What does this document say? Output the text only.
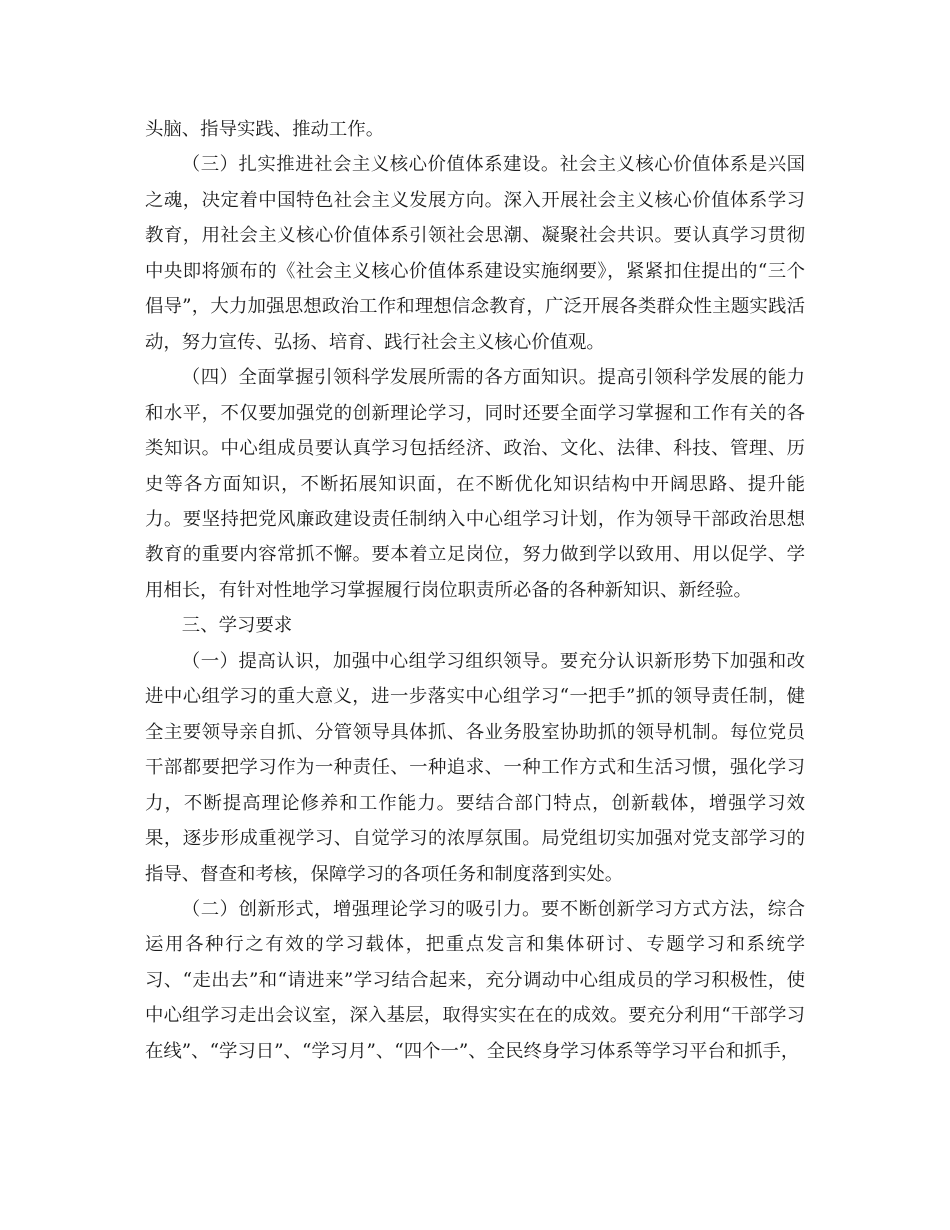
头脑、指导实践、推动工作。

（三）扎实推进社会主义核心价值体系建设。社会主义核心价值体系是兴国之魂，决定着中国特色社会主义发展方向。深入开展社会主义核心价值体系学习教育，用社会主义核心价值体系引领社会思潮、凝聚社会共识。要认真学习贯彻中央即将颁布的《社会主义核心价值体系建设实施纲要》，紧紧扣住提出的“三个倡导”，大力加强思想政治工作和理想信念教育，广泛开展各类群众性主题实践活动，努力宣传、弘扬、培育、践行社会主义核心价值观。

（四）全面掌握引领科学发展所需的各方面知识。提高引领科学发展的能力和水平，不仅要加强党的创新理论学习，同时还要全面学习掌握和工作有关的各类知识。中心组成员要认真学习包括经济、政治、文化、法律、科技、管理、历史等各方面知识，不断拓展知识面，在不断优化知识结构中开阔思路、提升能力。要坚持把党风廉政建设责任制纳入中心组学习计划，作为领导干部政治思想教育的重要内容常抓不懈。要本着立足岗位，努力做到学以致用、用以促学、学用相长，有针对性地学习掌握履行岗位职责所必备的各种新知识、新经验。

三、学习要求

（一）提高认识，加强中心组学习组织领导。要充分认识新形势下加强和改进中心组学习的重大意义，进一步落实中心组学习“一把手”抓的领导责任制，健全主要领导亲自抓、分管领导具体抓、各业务股室协助抓的领导机制。每位党员干部都要把学习作为一种责任、一种追求、一种工作方式和生活习惯，强化学习力，不断提高理论修养和工作能力。要结合部门特点，创新载体，增强学习效果，逐步形成重视学习、自觉学习的浓厚氛围。局党组切实加强对党支部学习的指导、督查和考核，保障学习的各项任务和制度落到实处。

（二）创新形式，增强理论学习的吸引力。要不断创新学习方式方法，综合运用各种行之有效的学习载体，把重点发言和集体研讨、专题学习和系统学习、“走出去”和“请进来”学习结合起来，充分调动中心组成员的学习积极性，使中心组学习走出会议室，深入基层，取得实实在在的成效。要充分利用“干部学习在线”、“学习日”、“学习月”、“四个一”、全民终身学习体系等学习平台和抓手，
